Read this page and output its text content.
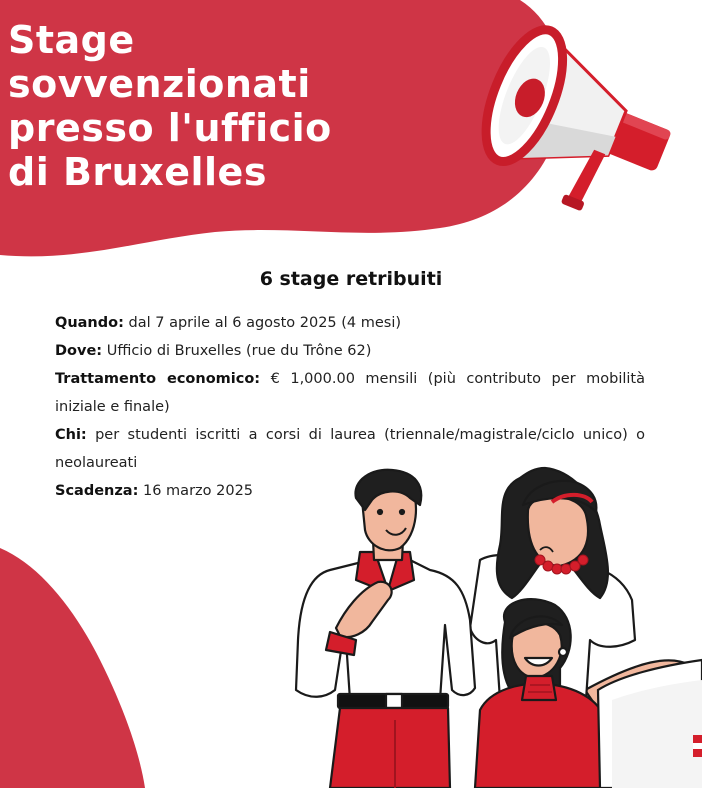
Stage
sovvenzionati
presso l'ufficio
di Bruxelles
6 stage retribuiti

Quando: dal 7 aprile al 6 agosto 2025 (4 mesi)

Dove: Ufficio di Bruxelles (rue du Trône 62)

Trattamento economico: € 1,000.00 mensili (più contributo per mobilità iniziale e finale)

Chi: per studenti iscritti a corsi di laurea (triennale/magistrale/ciclo unico) o neolaureati

Scadenza: 16 marzo 2025
